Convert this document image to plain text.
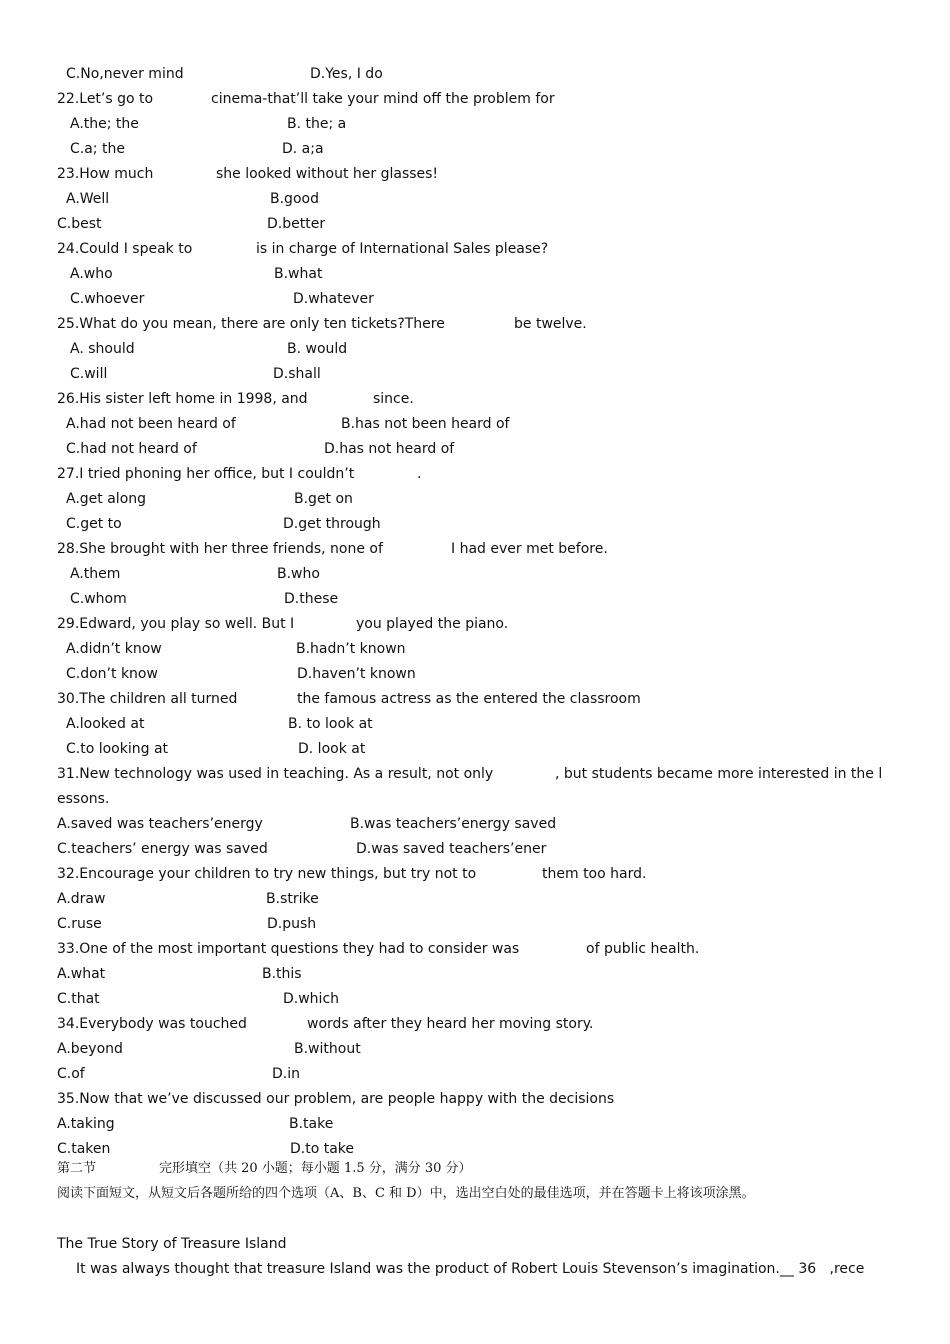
C.No,never mind	D.Yes, I do
22.Let’s go to	cinema-that’ll take your mind off the problem for
A.the; the	B. the; a
C.a; the	D. a;a
23.How much	she looked without her glasses!
A.Well	B.good
C.best	D.better
24.Could I speak to	is in charge of International Sales please?
A.who	B.what
C.whoever	D.whatever
25.What do you mean, there are only ten tickets?There	be twelve.
A. should	B. would
C.will	D.shall
26.His sister left home in 1998, and	since.
A.had not been heard of	B.has not been heard of
C.had not heard of	D.has not heard of
27.I tried phoning her office, but I couldn’t	.
A.get along	B.get on
C.get to	D.get through
28.She brought with her three friends, none of	I had ever met before.
A.them	B.who
C.whom	D.these
29.Edward, you play so well. But I	you played the piano.
A.didn’t know	B.hadn’t known
C.don’t know	D.haven’t known
30.The children all turned	the famous actress as the entered the classroom
A.looked at	B. to look at
C.to looking at	D. look at
31.New technology was used in teaching. As a result, not only	, but students became more interested in the l
essons.
A.saved was teachers’energy	B.was teachers’energy saved
C.teachers’ energy was saved	D.was saved teachers’ener
32.Encourage your children to try new things, but try not to	them too hard.
A.draw	B.strike
C.ruse	D.push
33.One of the most important questions they had to consider was	of public health.
A.what	B.this
C.that	D.which
34.Everybody was touched	words after they heard her moving story.
A.beyond	B.without
C.of	D.in
35.Now that we’ve discussed our problem, are people happy with the decisions
A.taking	B.take
C.taken	D.to take
第二节	完形填空（共 20 小题；每小题 1.5 分，满分 30 分）
阅读下面短文，从短文后各题所给的四个选项（A、B、C 和 D）中，选出空白处的最佳选项，并在答题卡上将该项涂黑。
The True Story of Treasure Island
It was always thought that treasure Island was the product of Robert Louis Stevenson’s imagination.__ 36   ,rece
